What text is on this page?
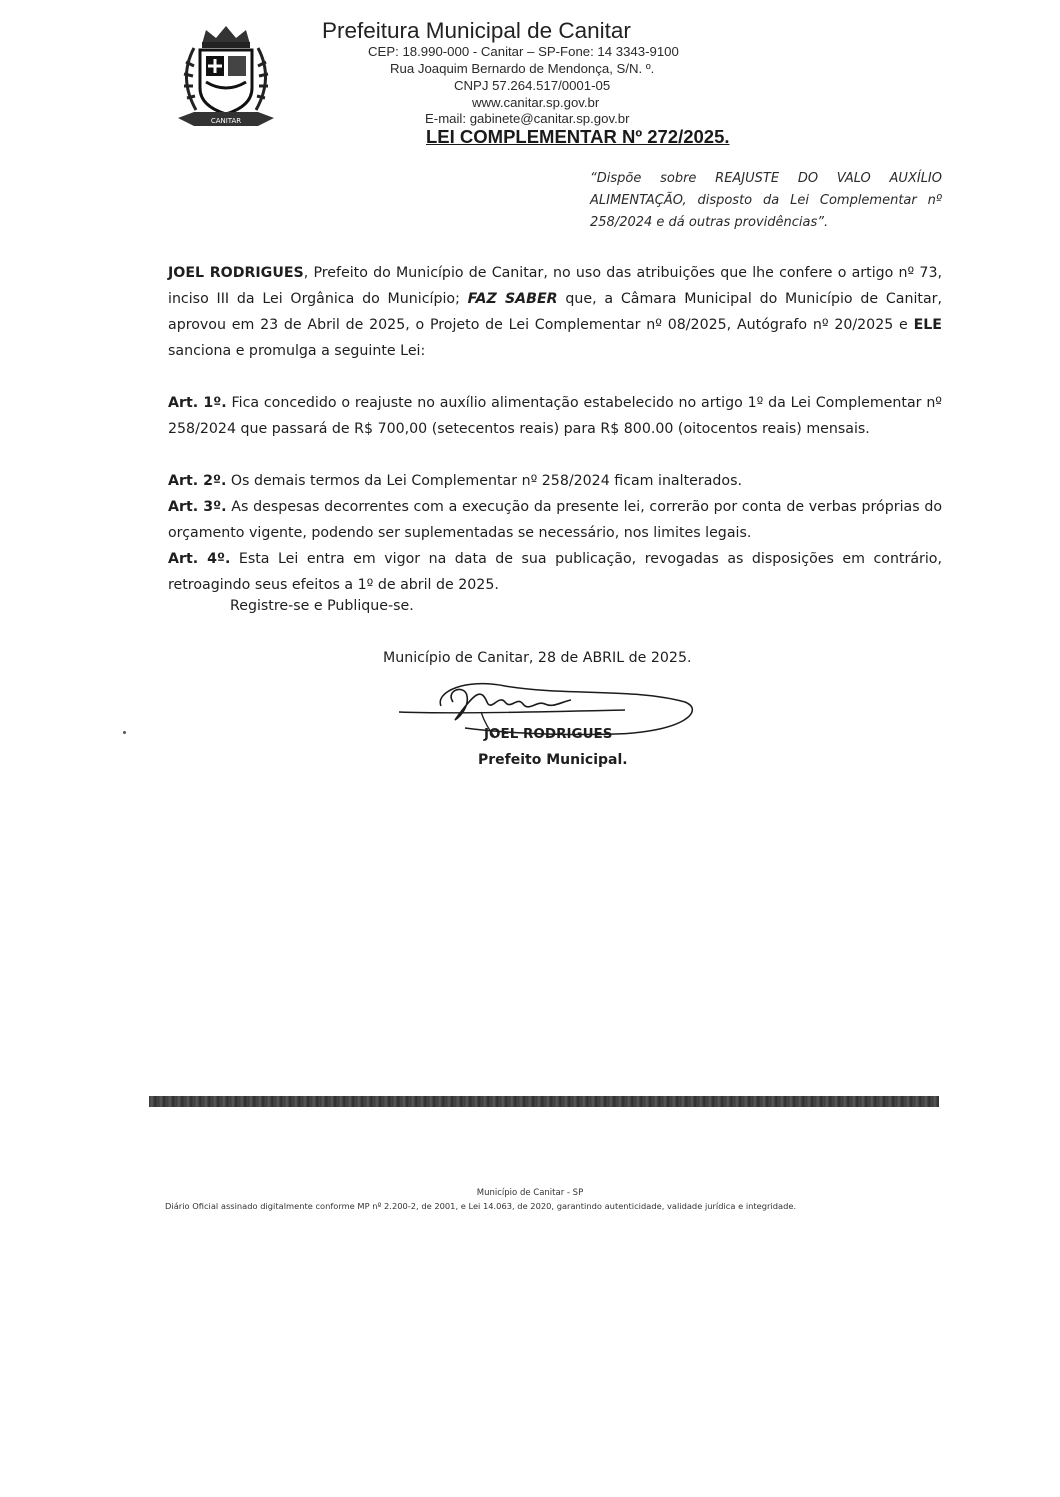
CANITAR
Prefeitura Municipal de Canitar
CEP: 18.990-000 - Canitar – SP-Fone: 14 3343-9100
Rua Joaquim Bernardo de Mendonça, S/N. º.
CNPJ 57.264.517/0001-05
www.canitar.sp.gov.br
E-mail: gabinete@canitar.sp.gov.br
LEI COMPLEMENTAR Nº 272/2025.
“Dispõe sobre REAJUSTE DO VALO AUXÍLIO ALIMENTAÇÃO, disposto da Lei Complementar nº 258/2024 e dá outras providências”.
JOEL RODRIGUES, Prefeito do Município de Canitar, no uso das atribuições que lhe confere o artigo nº 73, inciso III da Lei Orgânica do Município; FAZ SABER que, a Câmara Municipal do Município de Canitar, aprovou em 23 de Abril de 2025, o Projeto de Lei Complementar nº 08/2025, Autógrafo nº 20/2025 e ELE sanciona e promulga a seguinte Lei:
Art. 1º. Fica concedido o reajuste no auxílio alimentação estabelecido no artigo 1º da Lei Complementar nº 258/2024 que passará de R$ 700,00 (setecentos reais) para R$ 800.00 (oitocentos reais) mensais.
Art. 2º. Os demais termos da Lei Complementar nº 258/2024 ficam inalterados.
Art. 3º. As despesas decorrentes com a execução da presente lei, correrão por conta de verbas próprias do orçamento vigente, podendo ser suplementadas se necessário, nos limites legais.
Art. 4º. Esta Lei entra em vigor na data de sua publicação, revogadas as disposições em contrário, retroagindo seus efeitos a 1º de abril de 2025.
Registre-se e Publique-se.
Município de Canitar, 28 de ABRIL de 2025.
JOEL RODRIGUES
Prefeito Municipal.
Município de Canitar - SP
Diário Oficial assinado digitalmente conforme MP nº 2.200-2, de 2001, e Lei 14.063, de 2020, garantindo autenticidade, validade jurídica e integridade.
